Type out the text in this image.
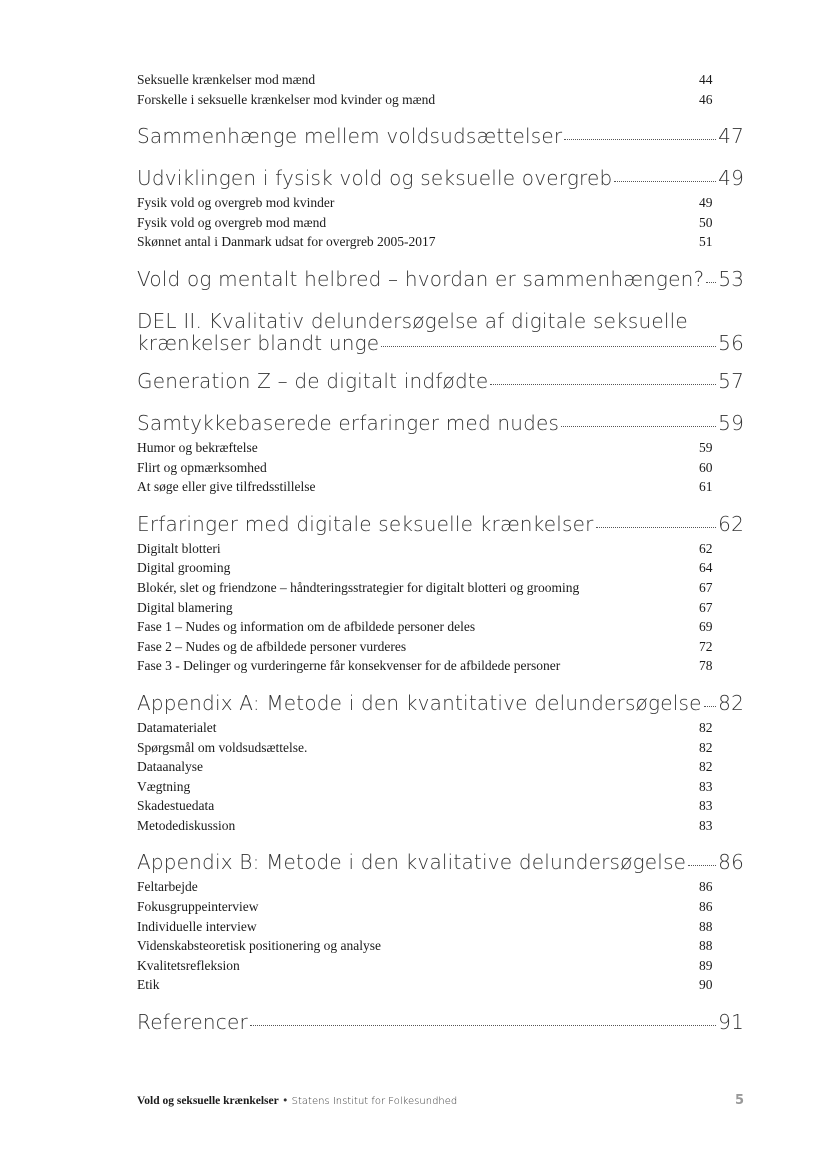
Seksuelle krænkelser mod mænd	44
Forskelle i seksuelle krænkelser mod kvinder og mænd	46
Sammenhænge mellem voldsudsættelser	47
Udviklingen i fysisk vold og seksuelle overgreb	49
Fysik vold og overgreb mod kvinder	49
Fysik vold og overgreb mod mænd	50
Skønnet antal i Danmark udsat for overgreb 2005-2017	51
Vold og mentalt helbred – hvordan er sammenhængen? 53
DEL II. Kvalitativ delundersøgelse af digitale seksuelle
krænkelser blandt unge	56
Generation Z – de digitalt indfødte	57
Samtykkebaserede erfaringer med nudes	59
Humor og bekræftelse	59
Flirt og opmærksomhed	60
At søge eller give tilfredsstillelse	61
Erfaringer med digitale seksuelle krænkelser	62
Digitalt blotteri	62
Digital grooming	64
Blokér, slet og friendzone – håndteringsstrategier for digitalt blotteri og grooming	67
Digital blamering	67
Fase 1 – Nudes og information om de afbildede personer deles	69
Fase 2 – Nudes og de afbildede personer vurderes	72
Fase 3 - Delinger og vurderingerne får konsekvenser for de afbildede personer	78
Appendix A: Metode i den kvantitative delundersøgelse 82
Datamaterialet	82
Spørgsmål om voldsudsættelse.	82
Dataanalyse	82
Vægtning	83
Skadestuedata	83
Metodediskussion	83
Appendix B: Metode i den kvalitative delundersøgelse 86
Feltarbejde	86
Fokusgruppeinterview	86
Individuelle interview	88
Videnskabsteoretisk positionering og analyse	88
Kvalitetsrefleksion	89
Etik	90
Referencer	91
Vold og seksuelle krænkelser • Statens Institut for Folkesundhed	5
